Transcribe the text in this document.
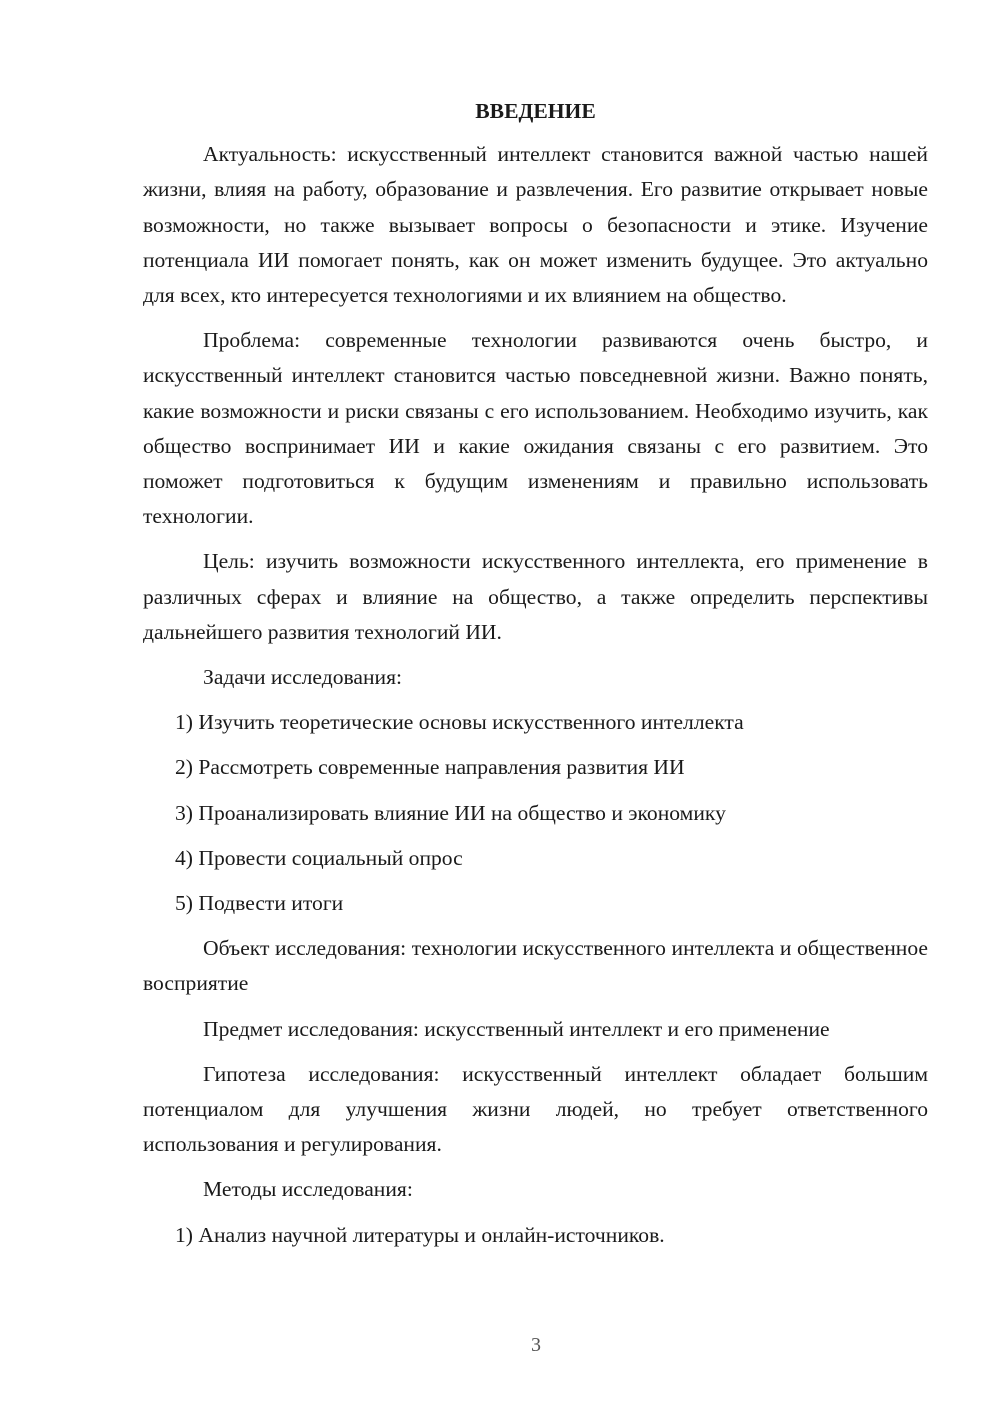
ВВЕДЕНИЕ

Актуальность: искусственный интеллект становится важной частью нашей жизни, влияя на работу, образование и развлечения. Его развитие открывает новые возможности, но также вызывает вопросы о безопасности и этике. Изучение потенциала ИИ помогает понять, как он может изменить будущее. Это актуально для всех, кто интересуется технологиями и их влиянием на общество.

Проблема: современные технологии развиваются очень быстро, и искусственный интеллект становится частью повседневной жизни. Важно понять, какие возможности и риски связаны с его использованием. Необходимо изучить, как общество воспринимает ИИ и какие ожидания связаны с его развитием. Это поможет подготовиться к будущим изменениям и правильно использовать технологии.

Цель: изучить возможности искусственного интеллекта, его применение в различных сферах и влияние на общество, а также определить перспективы дальнейшего развития технологий ИИ.

Задачи исследования:

1) Изучить теоретические основы искусственного интеллекта
2) Рассмотреть современные направления развития ИИ
3) Проанализировать влияние ИИ на общество и экономику
4) Провести социальный опрос
5) Подвести итоги

Объект исследования: технологии искусственного интеллекта и общественное восприятие

Предмет исследования: искусственный интеллект и его применение

Гипотеза исследования: искусственный интеллект обладает большим потенциалом для улучшения жизни людей, но требует ответственного использования и регулирования.

Методы исследования:

1) Анализ научной литературы и онлайн-источников.
3
